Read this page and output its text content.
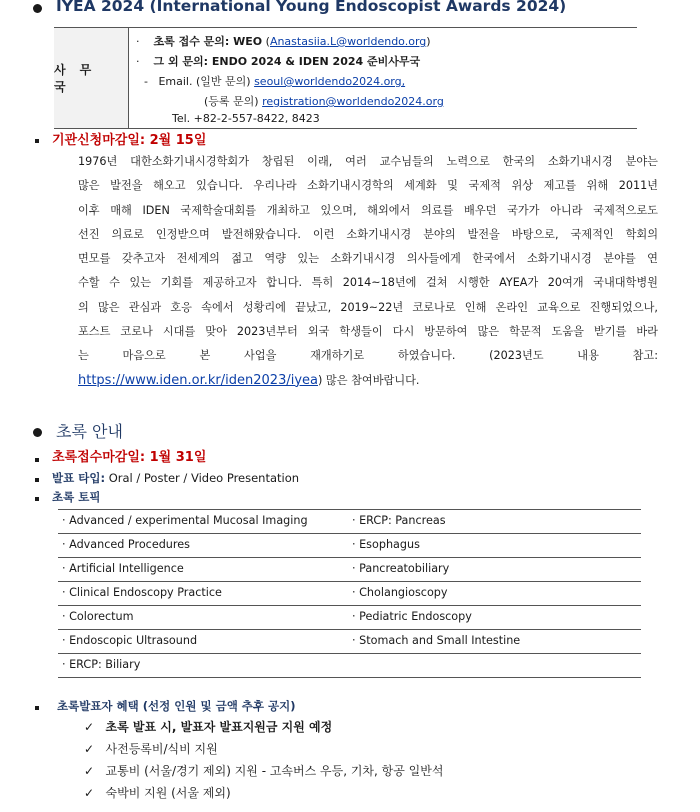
IYEA 2024 (International Young Endoscopist Awards 2024)
사무국
·    초록 접수 문의: WEO (Anastasiia.L@worldendo.org)
·    그 외 문의: ENDO 2024 & IDEN 2024 준비사무국
-   Email. (일반 문의) seoul@worldendo2024.org,
(등록 문의) registration@worldendo2024.org
Tel. +82-2-557-8422, 8423
기관신청마감일: 2월 15일
1976년 대한소화기내시경학회가 창립된 이래, 여러 교수님들의 노력으로 한국의 소화기내시경 분야는
많은 발전을 해오고 있습니다. 우리나라 소화기내시경학의 세계화 및 국제적 위상 제고를 위해 2011년
이후 매해 IDEN 국제학술대회를 개최하고 있으며, 해외에서 의료를 배우던 국가가 아니라 국제적으로도
선진 의료로 인정받으며 발전해왔습니다. 이런 소화기내시경 분야의 발전을 바탕으로, 국제적인 학회의
면모를 갖추고자 전세계의 젊고 역량 있는 소화기내시경 의사들에게 한국에서 소화기내시경 분야를 연
수할 수 있는 기회를 제공하고자 합니다. 특히 2014~18년에 걸쳐 시행한 AYEA가 20여개 국내대학병원
의 많은 관심과 호응 속에서 성황리에 끝났고, 2019~22년 코로나로 인해 온라인 교육으로 진행되었으나,
포스트 코로나 시대를 맞아 2023년부터 외국 학생들이 다시 방문하여 많은 학문적 도움을 받기를 바라
는 마음으로 본 사업을 재개하기로 하였습니다. (2023년도 내용 참고:
https://www.iden.or.kr/iden2023/iyea) 많은 참여바랍니다.
초록 안내
초록접수마감일: 1월 31일
발표 타입: Oral / Poster / Video Presentation
초록 토픽
· Advanced / experimental Mucosal Imaging	· ERCP: Pancreas
· Advanced Procedures	· Esophagus
· Artificial Intelligence	· Pancreatobiliary
· Clinical Endoscopy Practice	· Cholangioscopy
· Colorectum	· Pediatric Endoscopy
· Endoscopic Ultrasound	· Stomach and Small Intestine
· ERCP: Biliary
초록발표자 혜택 (선정 인원 및 금액 추후 공지)
✓ 초록 발표 시, 발표자 발표지원금 지원 예정
✓ 사전등록비/식비 지원
✓ 교통비 (서울/경기 제외) 지원 - 고속버스 우등, 기차, 항공 일반석
✓ 숙박비 지원 (서울 제외)
